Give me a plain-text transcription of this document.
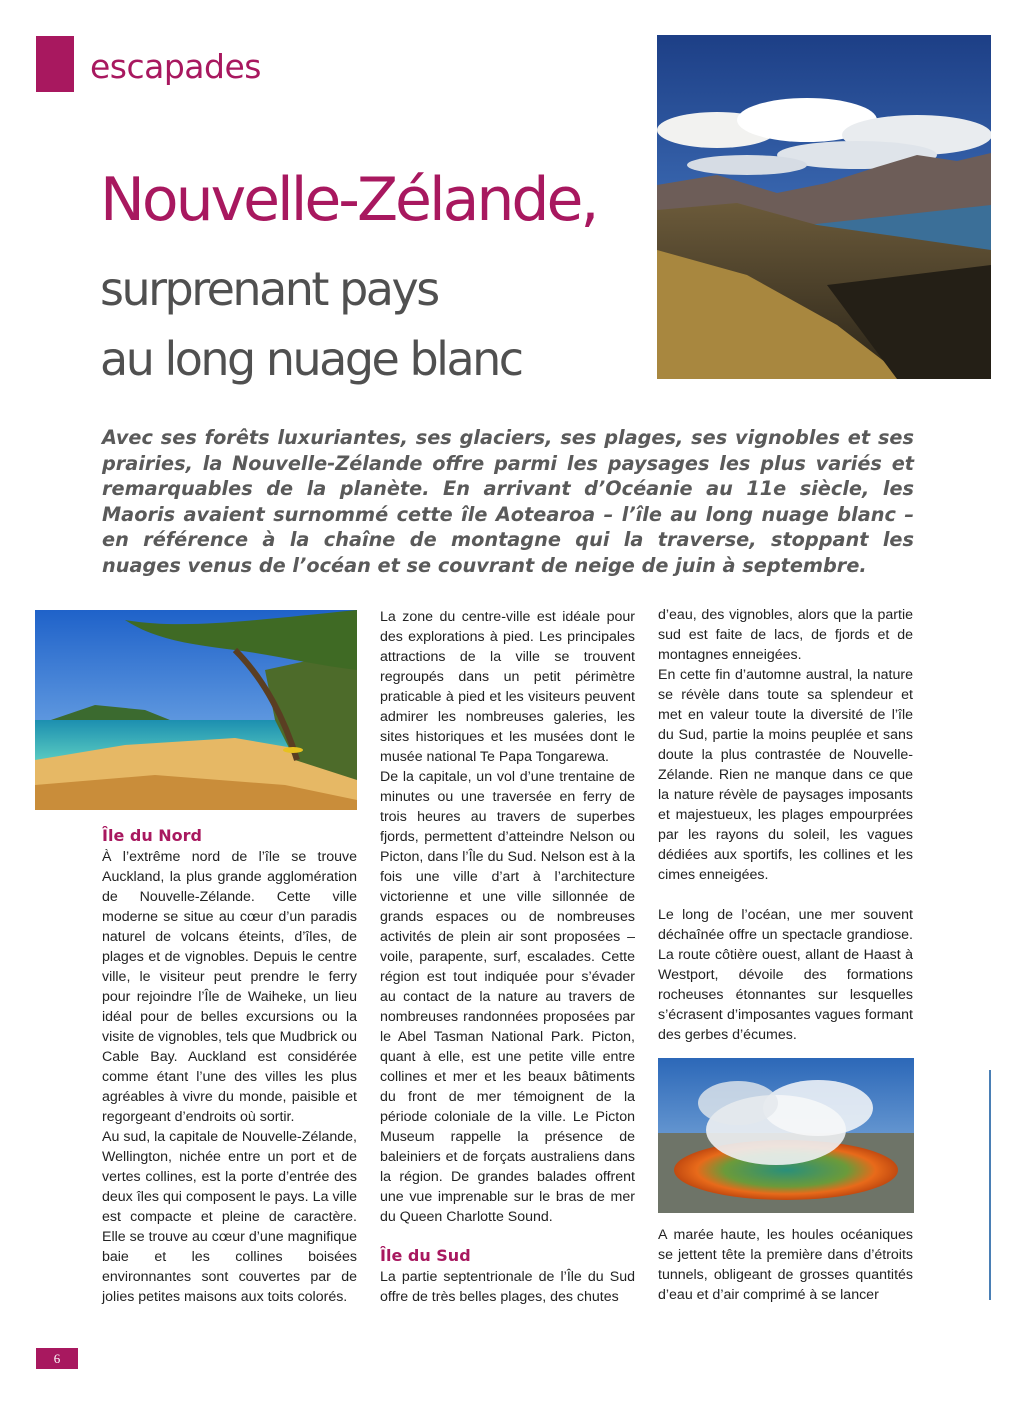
escapades
Nouvelle-Zélande,
surprenant pays
au long nuage blanc

Avec ses forêts luxuriantes, ses glaciers, ses plages, ses vignobles et ses prairies, la Nouvelle-Zélande offre parmi les paysages les plus variés et remarquables de la planète. En arrivant d’Océanie au 11e siècle, les Maoris avaient surnommé cette île Aotearoa – l’île au long nuage blanc – en référence à la chaîne de montagne qui la traverse, stoppant les nuages venus de l’océan et se couvrant de neige de juin à septembre.

Île du Nord

À l’extrême nord de l’île se trouve Auckland, la plus grande agglomération de Nouvelle-Zélande. Cette ville moderne se situe au cœur d’un paradis naturel de volcans éteints, d’îles, de plages et de vignobles. Depuis le centre ville, le visiteur peut prendre le ferry pour rejoindre l’Île de Waiheke, un lieu idéal pour de belles excursions ou la visite de vignobles, tels que Mudbrick ou Cable Bay. Auckland est considérée comme étant l’une des villes les plus agréables à vivre du monde, paisible et regorgeant d’endroits où sortir.

Au sud, la capitale de Nouvelle-Zélande, Wellington, nichée entre un port et de vertes collines, est la porte d’entrée des deux îles qui composent le pays. La ville est compacte et pleine de caractère. Elle se trouve au cœur d’une magnifique baie et les collines boisées environnantes sont couvertes par de jolies petites maisons aux toits colorés.

La zone du centre-ville est idéale pour des explorations à pied. Les principales attractions de la ville se trouvent regroupés dans un petit périmètre praticable à pied et les visiteurs peuvent admirer les nombreuses galeries, les sites historiques et les musées dont le musée national Te Papa Tongarewa.

De la capitale, un vol d’une trentaine de minutes ou une traversée en ferry de trois heures au travers de superbes fjords, permettent d’atteindre Nelson ou Picton, dans l’Île du Sud. Nelson est à la fois une ville d’art à l’architecture victorienne et une ville sillonnée de grands espaces ou de nombreuses activités de plein air sont proposées – voile, parapente, surf, escalades. Cette région est tout indiquée pour s’évader au contact de la nature au travers de nombreuses randonnées proposées par le Abel Tasman National Park. Picton, quant à elle, est une petite ville entre collines et mer et les beaux bâtiments du front de mer témoignent de la période coloniale de la ville. Le Picton Museum rappelle la présence de baleiniers et de forçats australiens dans la région. De grandes balades offrent une vue imprenable sur le bras de mer du Queen Charlotte Sound.

Île du Sud

La partie septentrionale de l’Île du Sud offre de très belles plages, des chutes

d’eau, des vignobles, alors que la partie sud est faite de lacs, de fjords et de montagnes enneigées.

En cette fin d’automne austral, la nature se révèle dans toute sa splendeur et met en valeur toute la diversité de l’île du Sud, partie la moins peuplée et sans doute la plus contrastée de Nouvelle-Zélande. Rien ne manque dans ce que la nature révèle de paysages imposants et majestueux, les plages empourprées par les rayons du soleil, les vagues dédiées aux sportifs, les collines et les cimes enneigées.

Le long de l’océan, une mer souvent déchaînée offre un spectacle grandiose. La route côtière ouest, allant de Haast à Westport, dévoile des formations rocheuses étonnantes sur lesquelles s’écrasent d’imposantes vagues formant des gerbes d’écumes.

A marée haute, les houles océaniques se jettent tête la première dans d’étroits tunnels, obligeant de grosses quantités d’eau et d’air comprimé à se lancer

6
